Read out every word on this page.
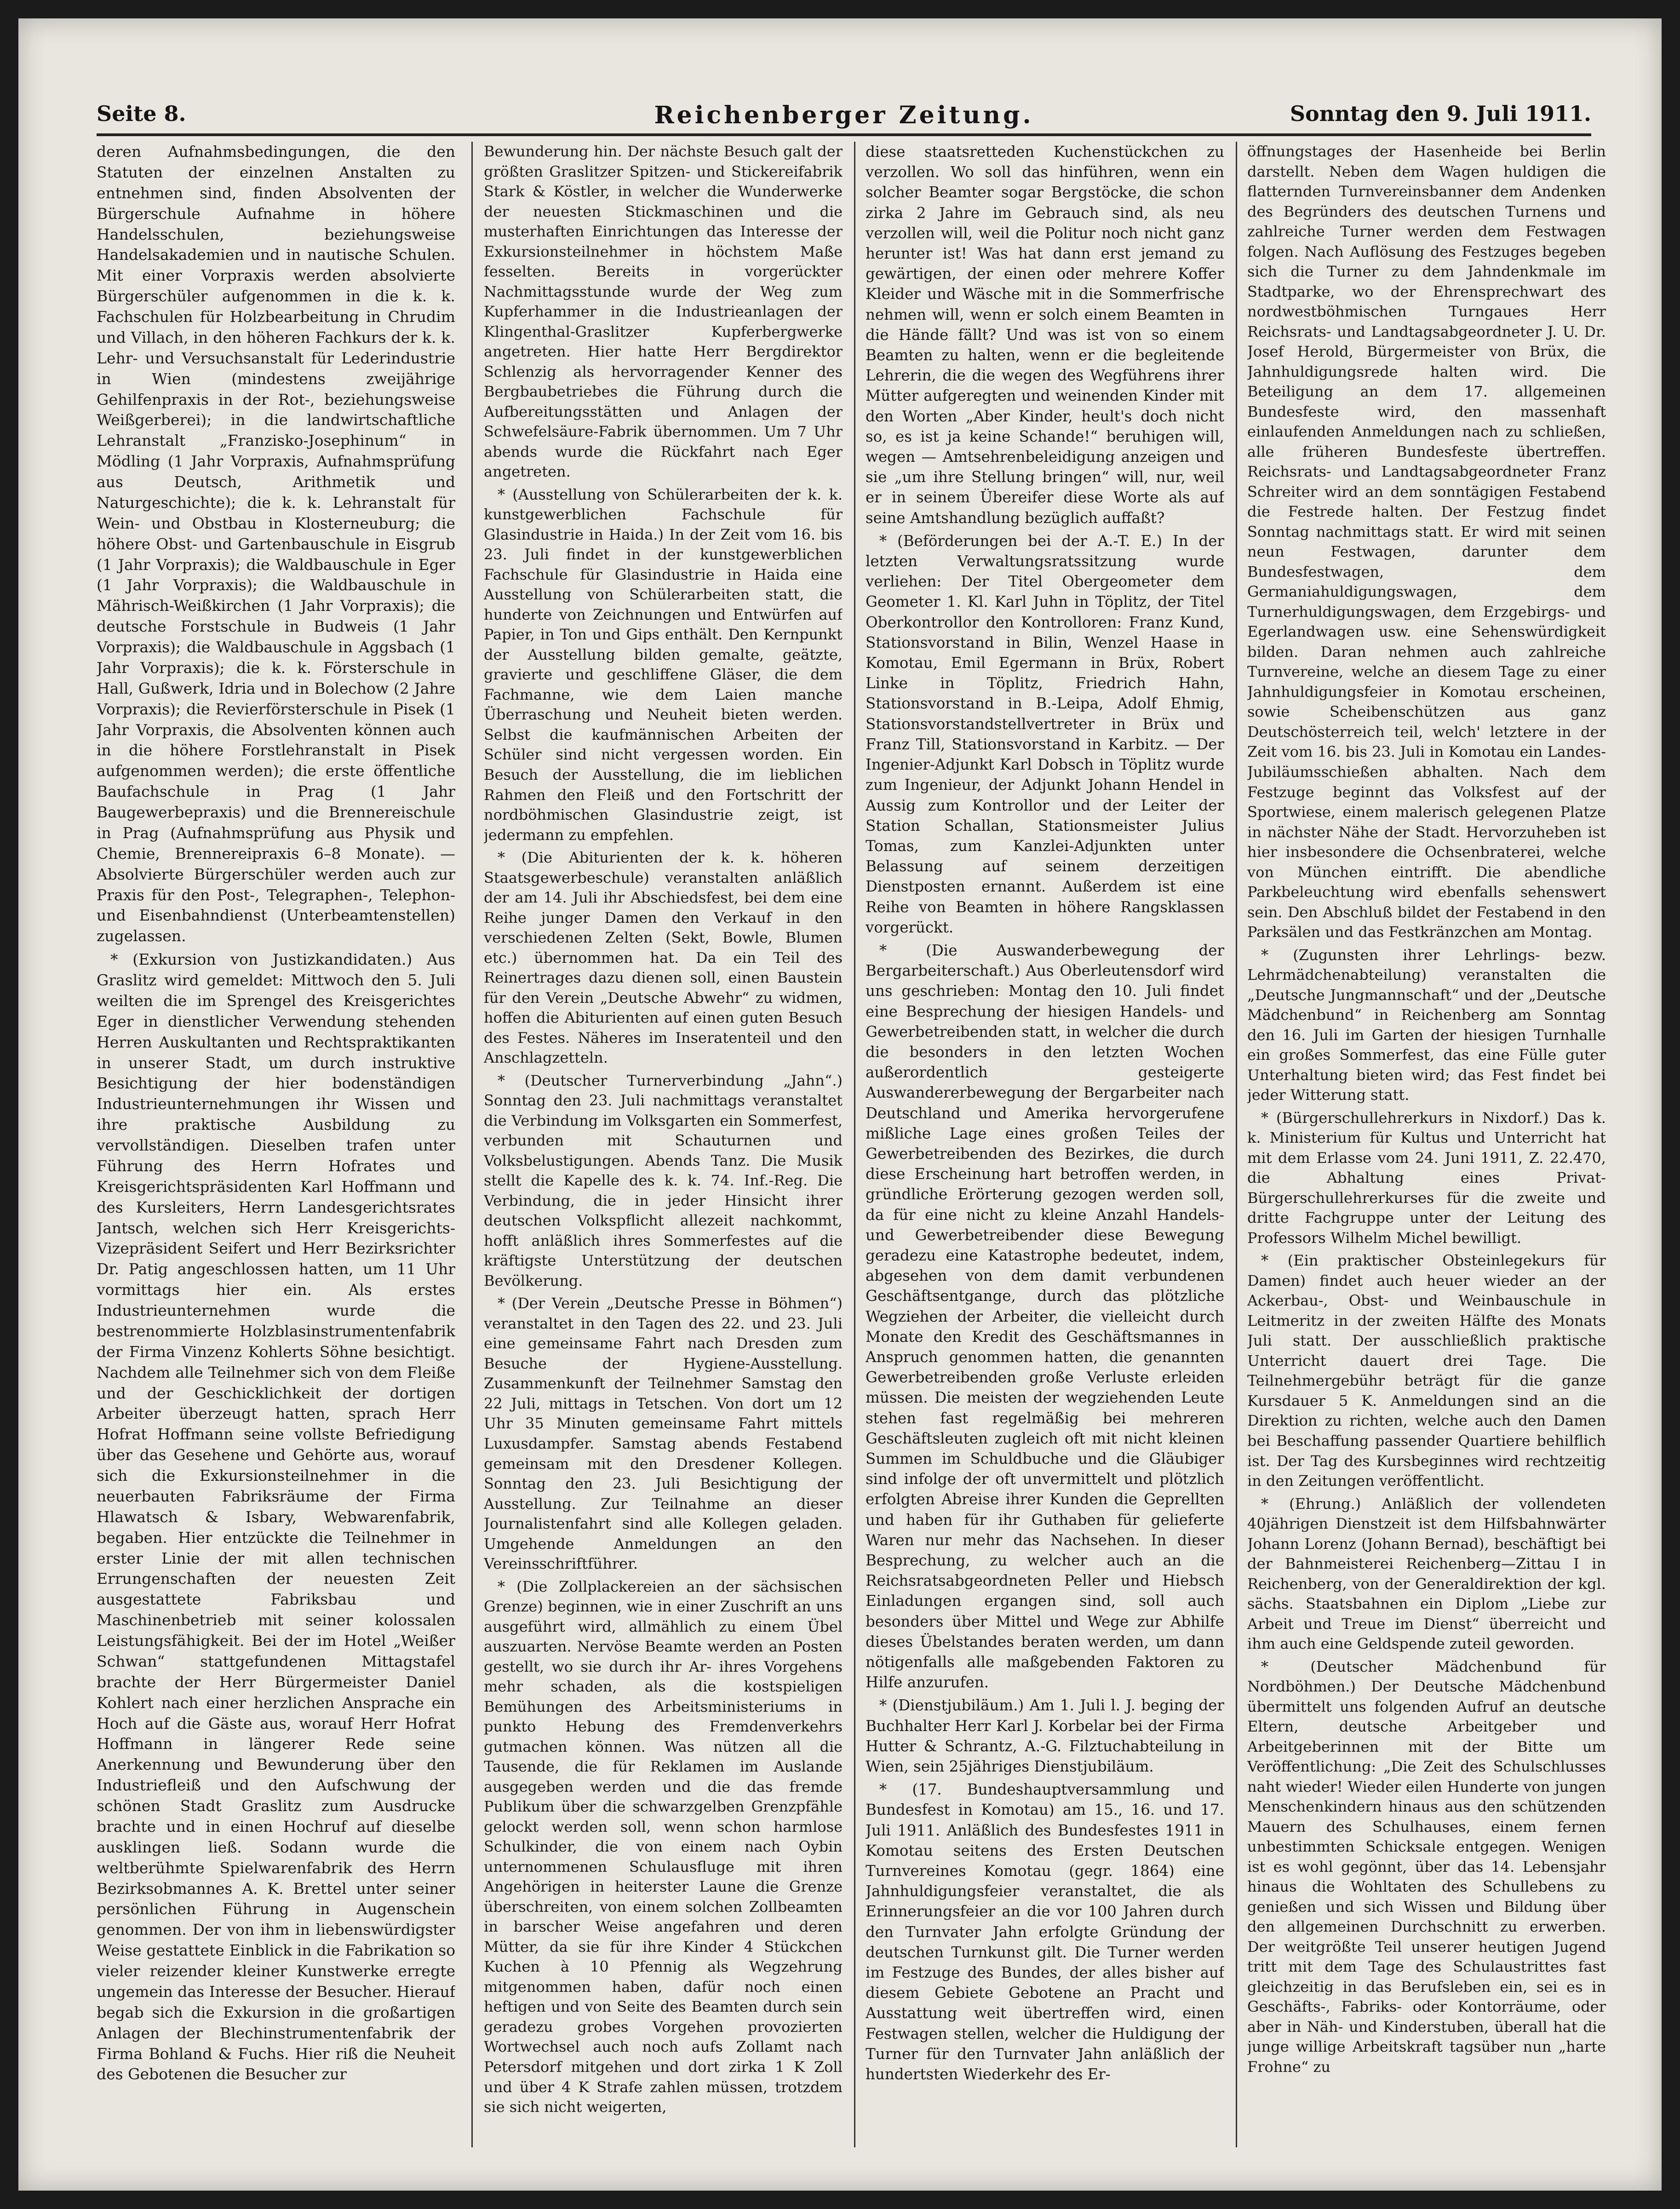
Seite 8.	Reichenberger Zeitung.	Sonntag den 9. Juli 1911.

deren Aufnahmsbedingungen, die den Statuten der einzelnen Anstalten zu entnehmen sind, finden Absolventen der Bürgerschule Aufnahme in höhere Handelsschulen, beziehungsweise Handelsakademien und in nautische Schulen. Mit einer Vorpraxis werden absolvierte Bürgerschüler aufgenommen in die k. k. Fachschulen für Holzbearbeitung in Chrudim und Villach, in den höheren Fachkurs der k. k. Lehr- und Versuchsanstalt für Lederindustrie in Wien (mindestens zweijährige Gehilfenpraxis in der Rot-, beziehungsweise Weißgerberei); in die landwirtschaftliche Lehranstalt „Franzisko-Josephinum“ in Mödling (1 Jahr Vorpraxis, Aufnahmsprüfung aus Deutsch, Arithmetik und Naturgeschichte); die k. k. Lehranstalt für Wein- und Obstbau in Klosterneuburg; die höhere Obst- und Gartenbauschule in Eisgrub (1 Jahr Vorpraxis); die Waldbauschule in Eger (1 Jahr Vorpraxis); die Waldbauschule in Mährisch-Weißkirchen (1 Jahr Vorpraxis); die deutsche Forstschule in Budweis (1 Jahr Vorpraxis); die Waldbauschule in Aggsbach (1 Jahr Vorpraxis); die k. k. Försterschule in Hall, Gußwerk, Idria und in Bolechow (2 Jahre Vorpraxis); die Revierförsterschule in Pisek (1 Jahr Vorpraxis, die Absolventen können auch in die höhere Forstlehranstalt in Pisek aufgenommen werden); die erste öffentliche Baufachschule in Prag (1 Jahr Baugewerbepraxis) und die Brennereischule in Prag (Aufnahmsprüfung aus Physik und Chemie, Brennereipraxis 6–8 Monate). — Absolvierte Bürgerschüler werden auch zur Praxis für den Post-, Telegraphen-, Telephon- und Eisenbahndienst (Unterbeamtenstellen) zugelassen.

* (Exkursion von Justizkandidaten.) Aus Graslitz wird gemeldet: Mittwoch den 5. Juli weilten die im Sprengel des Kreisgerichtes Eger in dienstlicher Verwendung stehenden Herren Auskultanten und Rechtspraktikanten in unserer Stadt, um durch instruktive Besichtigung der hier bodenständigen Industrieunternehmungen ihr Wissen und ihre praktische Ausbildung zu vervollständigen. Dieselben trafen unter Führung des Herrn Hofrates und Kreisgerichtspräsidenten Karl Hoffmann und des Kursleiters, Herrn Landesgerichtsrates Jantsch, welchen sich Herr Kreisgerichts-Vizepräsident Seifert und Herr Bezirksrichter Dr. Patig angeschlossen hatten, um 11 Uhr vormittags hier ein. Als erstes Industrieunternehmen wurde die bestrenommierte Holzblasinstrumentenfabrik der Firma Vinzenz Kohlerts Söhne besichtigt. Nachdem alle Teilnehmer sich von dem Fleiße und der Geschicklichkeit der dortigen Arbeiter überzeugt hatten, sprach Herr Hofrat Hoffmann seine vollste Befriedigung über das Gesehene und Gehörte aus, worauf sich die Exkursionsteilnehmer in die neuerbauten Fabriksräume der Firma Hlawatsch & Isbary, Webwarenfabrik, begaben. Hier entzückte die Teilnehmer in erster Linie der mit allen technischen Errungenschaften der neuesten Zeit ausgestattete Fabriksbau und Maschinenbetrieb mit seiner kolossalen Leistungsfähigkeit. Bei der im Hotel „Weißer Schwan“ stattgefundenen Mittagstafel brachte der Herr Bürgermeister Daniel Kohlert nach einer herzlichen Ansprache ein Hoch auf die Gäste aus, worauf Herr Hofrat Hoffmann in längerer Rede seine Anerkennung und Bewunderung über den Industriefleiß und den Aufschwung der schönen Stadt Graslitz zum Ausdrucke brachte und in einen Hochruf auf dieselbe ausklingen ließ. Sodann wurde die weltberühmte Spielwarenfabrik des Herrn Bezirksobmannes A. K. Brettel unter seiner persönlichen Führung in Augenschein genommen. Der von ihm in liebenswürdigster Weise gestattete Einblick in die Fabrikation so vieler reizender kleiner Kunstwerke erregte ungemein das Interesse der Besucher. Hierauf begab sich die Exkursion in die großartigen Anlagen der Blechinstrumentenfabrik der Firma Bohland & Fuchs. Hier riß die Neuheit des Gebotenen die Besucher zur

Bewunderung hin. Der nächste Besuch galt der größten Graslitzer Spitzen- und Stickereifabrik Stark & Köstler, in welcher die Wunderwerke der neuesten Stickmaschinen und die musterhaften Einrichtungen das Interesse der Exkursionsteilnehmer in höchstem Maße fesselten. Bereits in vorgerückter Nachmittagsstunde wurde der Weg zum Kupferhammer in die Industrieanlagen der Klingenthal-Graslitzer Kupferbergwerke angetreten. Hier hatte Herr Bergdirektor Schlenzig als hervorragender Kenner des Bergbaubetriebes die Führung durch die Aufbereitungsstätten und Anlagen der Schwefelsäure-Fabrik übernommen. Um 7 Uhr abends wurde die Rückfahrt nach Eger angetreten.

* (Ausstellung von Schülerarbeiten der k. k. kunstgewerblichen Fachschule für Glasindustrie in Haida.) In der Zeit vom 16. bis 23. Juli findet in der kunstgewerblichen Fachschule für Glasindustrie in Haida eine Ausstellung von Schülerarbeiten statt, die hunderte von Zeichnungen und Entwürfen auf Papier, in Ton und Gips enthält. Den Kernpunkt der Ausstellung bilden gemalte, geätzte, gravierte und geschliffene Gläser, die dem Fachmanne, wie dem Laien manche Überraschung und Neuheit bieten werden. Selbst die kaufmännischen Arbeiten der Schüler sind nicht vergessen worden. Ein Besuch der Ausstellung, die im lieblichen Rahmen den Fleiß und den Fortschritt der nordböhmischen Glasindustrie zeigt, ist jedermann zu empfehlen.

* (Die Abiturienten der k. k. höheren Staatsgewerbeschule) veranstalten anläßlich der am 14. Juli ihr Abschiedsfest, bei dem eine Reihe junger Damen den Verkauf in den verschiedenen Zelten (Sekt, Bowle, Blumen etc.) übernommen hat. Da ein Teil des Reinertrages dazu dienen soll, einen Baustein für den Verein „Deutsche Abwehr“ zu widmen, hoffen die Abiturienten auf einen guten Besuch des Festes. Näheres im Inseratenteil und den Anschlagzetteln.

* (Deutscher Turnerverbindung „Jahn“.) Sonntag den 23. Juli nachmittags veranstaltet die Verbindung im Volksgarten ein Sommerfest, verbunden mit Schauturnen und Volksbelustigungen. Abends Tanz. Die Musik stellt die Kapelle des k. k. 74. Inf.-Reg. Die Verbindung, die in jeder Hinsicht ihrer deutschen Volkspflicht allezeit nachkommt, hofft anläßlich ihres Sommerfestes auf die kräftigste Unterstützung der deutschen Bevölkerung.

* (Der Verein „Deutsche Presse in Böhmen“) veranstaltet in den Tagen des 22. und 23. Juli eine gemeinsame Fahrt nach Dresden zum Besuche der Hygiene-Ausstellung. Zusammenkunft der Teilnehmer Samstag den 22 Juli, mittags in Tetschen. Von dort um 12 Uhr 35 Minuten gemeinsame Fahrt mittels Luxusdampfer. Samstag abends Festabend gemeinsam mit den Dresdener Kollegen. Sonntag den 23. Juli Besichtigung der Ausstellung. Zur Teilnahme an dieser Journalistenfahrt sind alle Kollegen geladen. Umgehende Anmeldungen an den Vereinsschriftführer.

* (Die Zollplackereien an der sächsischen Grenze) beginnen, wie in einer Zuschrift an uns ausgeführt wird, allmählich zu einem Übel auszuarten. Nervöse Beamte werden an Posten gestellt, wo sie durch ihr Ar- ihres Vorgehens mehr schaden, als die kostspieligen Bemühungen des Arbeitsministeriums in punkto Hebung des Fremdenverkehrs gutmachen können. Was nützen all die Tausende, die für Reklamen im Auslande ausgegeben werden und die das fremde Publikum über die schwarzgelben Grenzpfähle gelockt werden soll, wenn schon harmlose Schulkinder, die von einem nach Oybin unternommenen Schulausfluge mit ihren Angehörigen in heiterster Laune die Grenze überschreiten, von einem solchen Zollbeamten in barscher Weise angefahren und deren Mütter, da sie für ihre Kinder 4 Stückchen Kuchen à 10 Pfennig als Wegzehrung mitgenommen haben, dafür noch einen heftigen und von Seite des Beamten durch sein geradezu grobes Vorgehen provozierten Wortwechsel auch noch aufs Zollamt nach Petersdorf mitgehen und dort zirka 1 K Zoll und über 4 K Strafe zahlen müssen, trotzdem sie sich nicht weigerten,

diese staatsretteden Kuchenstückchen zu verzollen. Wo soll das hinführen, wenn ein solcher Beamter sogar Bergstöcke, die schon zirka 2 Jahre im Gebrauch sind, als neu verzollen will, weil die Politur noch nicht ganz herunter ist! Was hat dann erst jemand zu gewärtigen, der einen oder mehrere Koffer Kleider und Wäsche mit in die Sommerfrische nehmen will, wenn er solch einem Beamten in die Hände fällt? Und was ist von so einem Beamten zu halten, wenn er die begleitende Lehrerin, die die wegen des Wegführens ihrer Mütter aufgeregten und weinenden Kinder mit den Worten „Aber Kinder, heult's doch nicht so, es ist ja keine Schande!“ beruhigen will, wegen — Amtsehrenbeleidigung anzeigen und sie „um ihre Stellung bringen“ will, nur, weil er in seinem Übereifer diese Worte als auf seine Amtshandlung bezüglich auffaßt?

* (Beförderungen bei der A.-T. E.) In der letzten Verwaltungsratssitzung wurde verliehen: Der Titel Obergeometer dem Geometer 1. Kl. Karl Juhn in Töplitz, der Titel Oberkontrollor den Kontrolloren: Franz Kund, Stationsvorstand in Bilin, Wenzel Haase in Komotau, Emil Egermann in Brüx, Robert Linke in Töplitz, Friedrich Hahn, Stationsvorstand in B.-Leipa, Adolf Ehmig, Stationsvorstandstellvertreter in Brüx und Franz Till, Stationsvorstand in Karbitz. — Der Ingenier-Adjunkt Karl Dobsch in Töplitz wurde zum Ingenieur, der Adjunkt Johann Hendel in Aussig zum Kontrollor und der Leiter der Station Schallan, Stationsmeister Julius Tomas, zum Kanzlei-Adjunkten unter Belassung auf seinem derzeitigen Dienstposten ernannt. Außerdem ist eine Reihe von Beamten in höhere Rangsklassen vorgerückt.

* (Die Auswanderbewegung der Bergarbeiterschaft.) Aus Oberleutensdorf wird uns geschrieben: Montag den 10. Juli findet eine Besprechung der hiesigen Handels- und Gewerbetreibenden statt, in welcher die durch die besonders in den letzten Wochen außerordentlich gesteigerte Auswandererbewegung der Bergarbeiter nach Deutschland und Amerika hervorgerufene mißliche Lage eines großen Teiles der Gewerbetreibenden des Bezirkes, die durch diese Erscheinung hart betroffen werden, in gründliche Erörterung gezogen werden soll, da für eine nicht zu kleine Anzahl Handels- und Gewerbetreibender diese Bewegung geradezu eine Katastrophe bedeutet, indem, abgesehen von dem damit verbundenen Geschäftsentgange, durch das plötzliche Wegziehen der Arbeiter, die vielleicht durch Monate den Kredit des Geschäftsmannes in Anspruch genommen hatten, die genannten Gewerbetreibenden große Verluste erleiden müssen. Die meisten der wegziehenden Leute stehen fast regelmäßig bei mehreren Geschäftsleuten zugleich oft mit nicht kleinen Summen im Schuldbuche und die Gläubiger sind infolge der oft unvermittelt und plötzlich erfolgten Abreise ihrer Kunden die Geprellten und haben für ihr Guthaben für gelieferte Waren nur mehr das Nachsehen. In dieser Besprechung, zu welcher auch an die Reichsratsabgeordneten Peller und Hiebsch Einladungen ergangen sind, soll auch besonders über Mittel und Wege zur Abhilfe dieses Übelstandes beraten werden, um dann nötigenfalls alle maßgebenden Faktoren zu Hilfe anzurufen.

* (Dienstjubiläum.) Am 1. Juli l. J. beging der Buchhalter Herr Karl J. Korbelar bei der Firma Hutter & Schrantz, A.-G. Filztuchabteilung in Wien, sein 25jähriges Dienstjubiläum.

* (17. Bundeshauptversammlung und Bundesfest in Komotau) am 15., 16. und 17. Juli 1911. Anläßlich des Bundesfestes 1911 in Komotau seitens des Ersten Deutschen Turnvereines Komotau (gegr. 1864) eine Jahnhuldigungsfeier veranstaltet, die als Erinnerungsfeier an die vor 100 Jahren durch den Turnvater Jahn erfolgte Gründung der deutschen Turnkunst gilt. Die Turner werden im Festzuge des Bundes, der alles bisher auf diesem Gebiete Gebotene an Pracht und Ausstattung weit übertreffen wird, einen Festwagen stellen, welcher die Huldigung der Turner für den Turnvater Jahn anläßlich der hundertsten Wiederkehr des Er-

öffnungstages der Hasenheide bei Berlin darstellt. Neben dem Wagen huldigen die flatternden Turnvereinsbanner dem Andenken des Begründers des deutschen Turnens und zahlreiche Turner werden dem Festwagen folgen. Nach Auflösung des Festzuges begeben sich die Turner zu dem Jahndenkmale im Stadtparke, wo der Ehrensprechwart des nordwestböhmischen Turngaues Herr Reichsrats- und Landtagsabgeordneter J. U. Dr. Josef Herold, Bürgermeister von Brüx, die Jahnhuldigungsrede halten wird. Die Beteiligung an dem 17. allgemeinen Bundesfeste wird, den massenhaft einlaufenden Anmeldungen nach zu schließen, alle früheren Bundesfeste übertreffen. Reichsrats- und Landtagsabgeordneter Franz Schreiter wird an dem sonntägigen Festabend die Festrede halten. Der Festzug findet Sonntag nachmittags statt. Er wird mit seinen neun Festwagen, darunter dem Bundesfestwagen, dem Germaniahuldigungswagen, dem Turnerhuldigungswagen, dem Erzgebirgs- und Egerlandwagen usw. eine Sehenswürdigkeit bilden. Daran nehmen auch zahlreiche Turnvereine, welche an diesem Tage zu einer Jahnhuldigungsfeier in Komotau erscheinen, sowie Scheibenschützen aus ganz Deutschösterreich teil, welch' letztere in der Zeit vom 16. bis 23. Juli in Komotau ein Landes-Jubiläumsschießen abhalten. Nach dem Festzuge beginnt das Volksfest auf der Sportwiese, einem malerisch gelegenen Platze in nächster Nähe der Stadt. Hervorzuheben ist hier insbesondere die Ochsenbraterei, welche von München eintrifft. Die abendliche Parkbeleuchtung wird ebenfalls sehenswert sein. Den Abschluß bildet der Festabend in den Parksälen und das Festkränzchen am Montag.

* (Zugunsten ihrer Lehrlings- bezw. Lehrmädchenabteilung) veranstalten die „Deutsche Jungmannschaft“ und der „Deutsche Mädchenbund“ in Reichenberg am Sonntag den 16. Juli im Garten der hiesigen Turnhalle ein großes Sommerfest, das eine Fülle guter Unterhaltung bieten wird; das Fest findet bei jeder Witterung statt.

* (Bürgerschullehrerkurs in Nixdorf.) Das k. k. Ministerium für Kultus und Unterricht hat mit dem Erlasse vom 24. Juni 1911, Z. 22.470, die Abhaltung eines Privat-Bürgerschullehrerkurses für die zweite und dritte Fachgruppe unter der Leitung des Professors Wilhelm Michel bewilligt.

* (Ein praktischer Obsteinlegekurs für Damen) findet auch heuer wieder an der Ackerbau-, Obst- und Weinbauschule in Leitmeritz in der zweiten Hälfte des Monats Juli statt. Der ausschließlich praktische Unterricht dauert drei Tage. Die Teilnehmergebühr beträgt für die ganze Kursdauer 5 K. Anmeldungen sind an die Direktion zu richten, welche auch den Damen bei Beschaffung passender Quartiere behilflich ist. Der Tag des Kursbeginnes wird rechtzeitig in den Zeitungen veröffentlicht.

* (Ehrung.) Anläßlich der vollendeten 40jährigen Dienstzeit ist dem Hilfsbahnwärter Johann Lorenz (Johann Bernad), beschäftigt bei der Bahnmeisterei Reichenberg—Zittau I in Reichenberg, von der Generaldirektion der kgl. sächs. Staatsbahnen ein Diplom „Liebe zur Arbeit und Treue im Dienst“ überreicht und ihm auch eine Geldspende zuteil geworden.

* (Deutscher Mädchenbund für Nordböhmen.) Der Deutsche Mädchenbund übermittelt uns folgenden Aufruf an deutsche Eltern, deutsche Arbeitgeber und Arbeitgeberinnen mit der Bitte um Veröffentlichung: „Die Zeit des Schulschlusses naht wieder! Wieder eilen Hunderte von jungen Menschenkindern hinaus aus den schützenden Mauern des Schulhauses, einem fernen unbestimmten Schicksale entgegen. Wenigen ist es wohl gegönnt, über das 14. Lebensjahr hinaus die Wohltaten des Schullebens zu genießen und sich Wissen und Bildung über den allgemeinen Durchschnitt zu erwerben. Der weitgrößte Teil unserer heutigen Jugend tritt mit dem Tage des Schulaustrittes fast gleichzeitig in das Berufsleben ein, sei es in Geschäfts-, Fabriks- oder Kontorräume, oder aber in Näh- und Kinderstuben, überall hat die junge willige Arbeitskraft tagsüber nun „harte Frohne“ zu
